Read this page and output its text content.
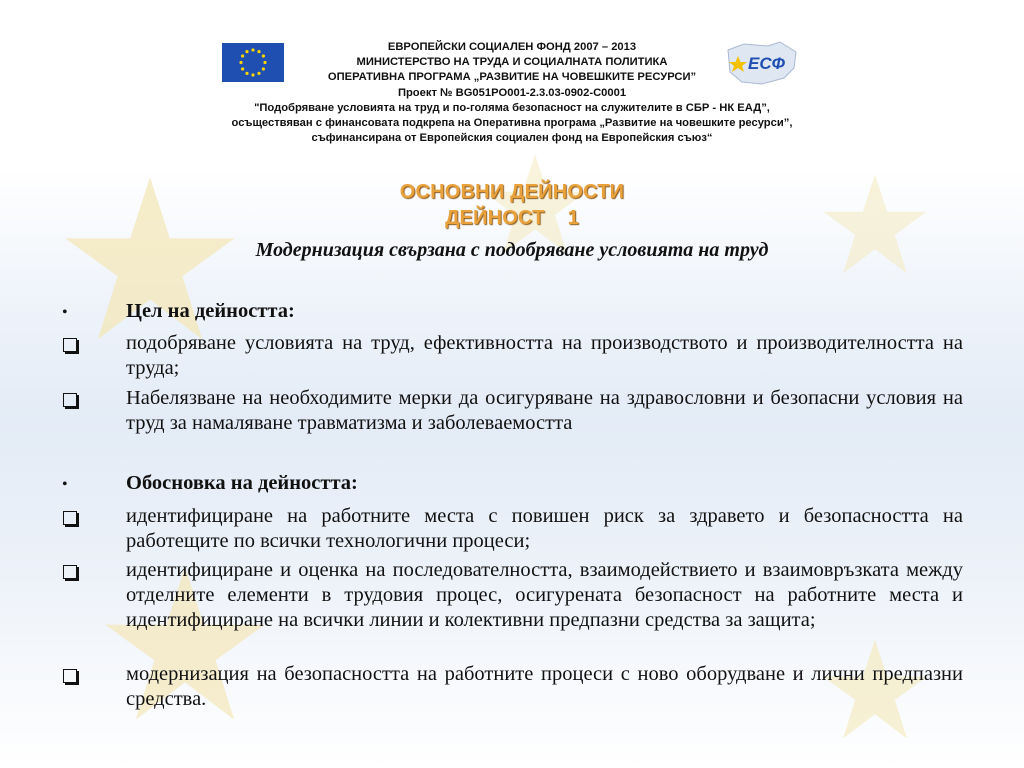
ЕСФ
ЕВРОПЕЙСКИ СОЦИАЛЕН ФОНД 2007 – 2013
МИНИСТЕРСТВО НА ТРУДА И СОЦИАЛНАТА ПОЛИТИКА
ОПЕРАТИВНА ПРОГРАМА „РАЗВИТИЕ НА ЧОВЕШКИТЕ РЕСУРСИ”
Проект № BG051PO001-2.3.03-0902-C0001
"Подобряване условията на труд и по-голяма безопасност на служителите в СБР - НК ЕАД”,
осъществяван с финансовата подкрепа на Оперативна програма „Развитие на човешките ресурси”,
съфинансирана от Европейския социален фонд на Европейския съюз“
ОСНОВНИ ДЕЙНОСТИ
ДЕЙНОСТ    1
Модернизация свързана с подобряване условията на труд
•	Цел на дейността:
подобряване условията на труд, ефективността на производството и производителността на труда;
Набелязване на необходимите мерки да осигуряване на здравословни и безопасни условия на труд за намаляване травматизма и заболеваемостта
•	Обосновка на дейността:
идентифициране на работните места с повишен риск за здравето и безопасността на работещите по всички технологични процеси;
идентифициране и оценка на последователността, взаимодействието и взаимовръзката между отделните елементи в трудовия процес, осигурената безопасност на работните места и идентифициране на всички линии и колективни предпазни средства за защита;
модернизация на безопасността на работните процеси с ново оборудване и лични предпазни средства.
